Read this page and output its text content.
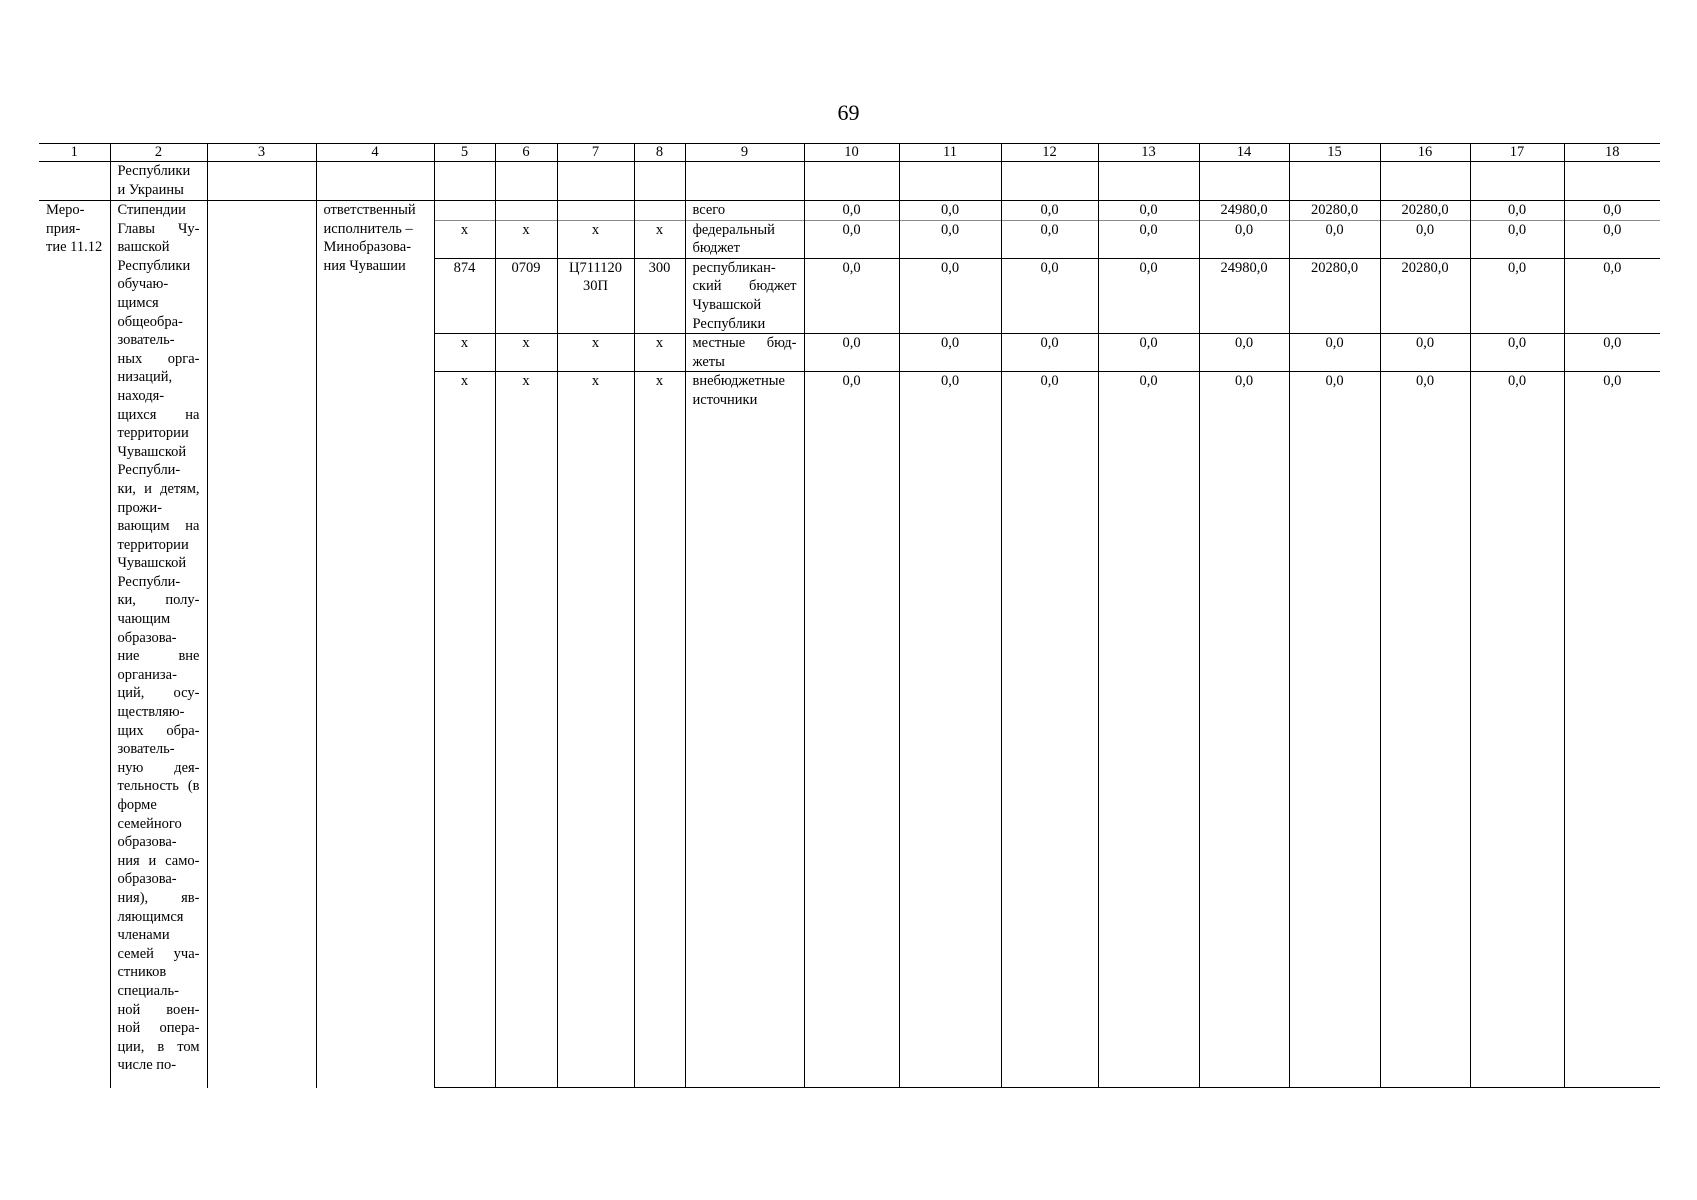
69
1	2	3	4	5	6	7	8	9	10	11	12	13	14	15	16	17	18
	Республики и Украины																
Меро- прия- тие 11.12	Стипендии Главы Чу- вашской Республики обучаю- щимся общеобра- зователь- ных орга- низаций, находя- щихся на территории Чувашской Республи- ки, и детям, прожи- вающим на территории Чувашской Республи- ки, полу- чающим образова- ние вне организа- ций, осу- ществляю- щих обра- зователь- ную дея- тельность (в форме семейного образова- ния и само- образова- ния), яв- ляющимся членами семей уча- стников специаль- ной воен- ной опера- ции, в том числе по-		ответственный исполнитель – Минобразова- ния Чувашии					всего	0,0	0,0	0,0	0,0	24980,0	20280,0	20280,0	0,0	0,0
				х	х	х	х	федеральный бюджет	0,0	0,0	0,0	0,0	0,0	0,0	0,0	0,0	0,0
				874	0709	Ц711120 30П	300	республикан- ский бюджет Чувашской Республики	0,0	0,0	0,0	0,0	24980,0	20280,0	20280,0	0,0	0,0
				х	х	х	х	местные бюд- жеты	0,0	0,0	0,0	0,0	0,0	0,0	0,0	0,0	0,0
				х	х	х	х	внебюджетные источники	0,0	0,0	0,0	0,0	0,0	0,0	0,0	0,0	0,0
